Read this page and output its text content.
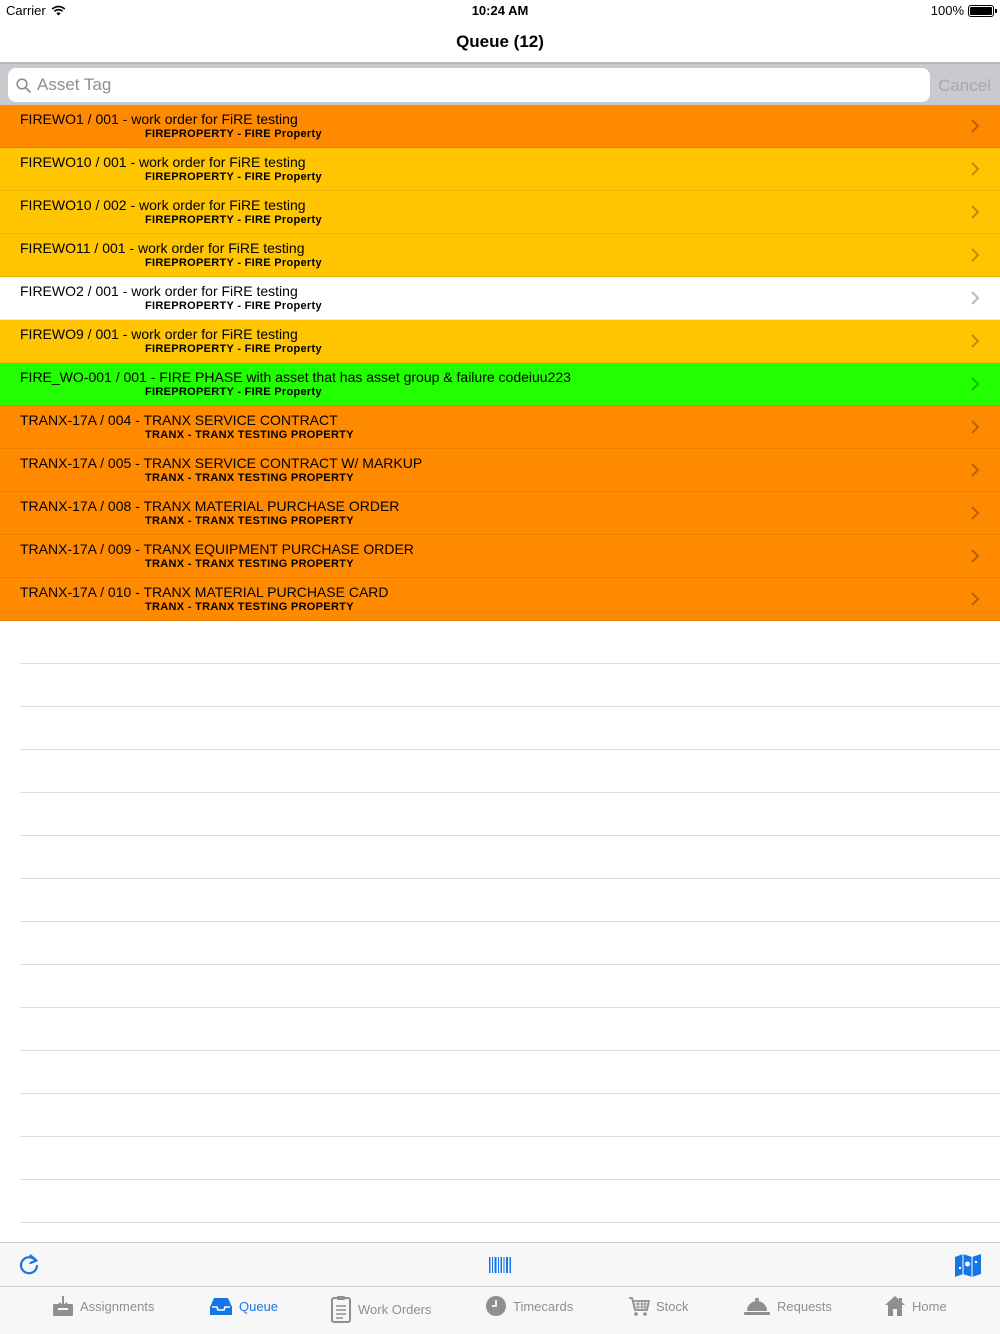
Carrier	10:24 AM	100%
Queue (12)
Asset Tag
Cancel
FIREWO1 / 001 - work order for FiRE testing
FIREPROPERTY - FIRE Property
FIREWO10 / 001 - work order for FiRE testing
FIREPROPERTY - FIRE Property
FIREWO10 / 002 - work order for FiRE testing
FIREPROPERTY - FIRE Property
FIREWO11 / 001 - work order for FiRE testing
FIREPROPERTY - FIRE Property
FIREWO2 / 001 - work order for FiRE testing
FIREPROPERTY - FIRE Property
FIREWO9 / 001 - work order for FiRE testing
FIREPROPERTY - FIRE Property
FIRE_WO-001 / 001 - FIRE PHASE with asset that has asset group & failure codeiuu223
FIREPROPERTY - FIRE Property
TRANX-17A / 004 - TRANX SERVICE CONTRACT
TRANX - TRANX TESTING PROPERTY
TRANX-17A / 005 - TRANX SERVICE CONTRACT W/ MARKUP
TRANX - TRANX TESTING PROPERTY
TRANX-17A / 008 - TRANX MATERIAL PURCHASE ORDER
TRANX - TRANX TESTING PROPERTY
TRANX-17A / 009 - TRANX EQUIPMENT PURCHASE ORDER
TRANX - TRANX TESTING PROPERTY
TRANX-17A / 010 - TRANX MATERIAL PURCHASE CARD
TRANX - TRANX TESTING PROPERTY
Assignments	Queue	Work Orders	Timecards	Stock	Requests	Home
